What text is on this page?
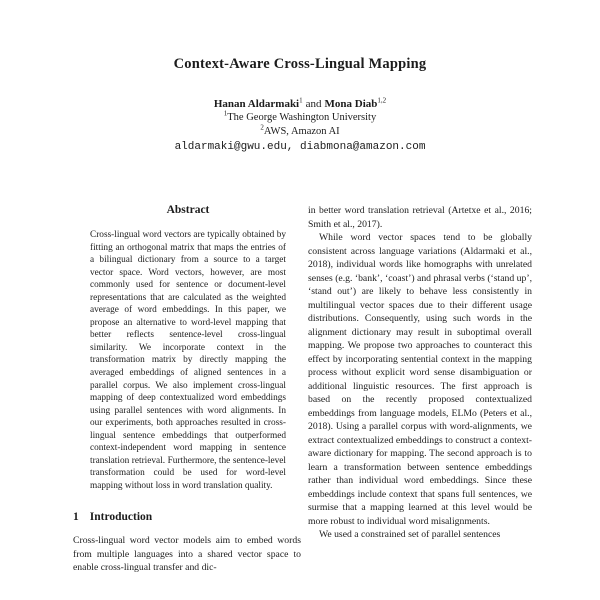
Context-Aware Cross-Lingual Mapping
Hanan Aldarmaki$^1$ and Mona Diab$^{1,2}$
$^1$The George Washington University
$^2$AWS, Amazon AI
aldarmaki@gwu.edu, diabmona@amazon.com
Abstract

Cross-lingual word vectors are typically obtained by fitting an orthogonal matrix that maps the entries of a bilingual dictionary from a source to a target vector space. Word vectors, however, are most commonly used for sentence or document-level representations that are calculated as the weighted average of word embeddings. In this paper, we propose an alternative to word-level mapping that better reflects sentence-level cross-lingual similarity. We incorporate context in the transformation matrix by directly mapping the averaged embeddings of aligned sentences in a parallel corpus. We also implement cross-lingual mapping of deep contextualized word embeddings using parallel sentences with word alignments. In our experiments, both approaches resulted in cross-lingual sentence embeddings that outperformed context-independent word mapping in sentence translation retrieval. Furthermore, the sentence-level transformation could be used for word-level mapping without loss in word translation quality.

1 Introduction

Cross-lingual word vector models aim to embed words from multiple languages into a shared vector space to enable cross-lingual transfer and dic-

in better word translation retrieval (Artetxe et al., 2016; Smith et al., 2017).

While word vector spaces tend to be globally consistent across language variations (Aldarmaki et al., 2018), individual words like homographs with unrelated senses (e.g. ‘bank’, ‘coast’) and phrasal verbs (‘stand up’, ‘stand out’) are likely to behave less consistently in multilingual vector spaces due to their different usage distributions. Consequently, using such words in the alignment dictionary may result in suboptimal overall mapping. We propose two approaches to counteract this effect by incorporating sentential context in the mapping process without explicit word sense disambiguation or additional linguistic resources. The first approach is based on the recently proposed contextualized embeddings from language models, ELMo (Peters et al., 2018). Using a parallel corpus with word-alignments, we extract contextualized embeddings to construct a context-aware dictionary for mapping. The second approach is to learn a transformation between sentence embeddings rather than individual word embeddings. Since these embeddings include context that spans full sentences, we surmise that a mapping learned at this level would be more robust to individual word misalignments.

We used a constrained set of parallel sentences
